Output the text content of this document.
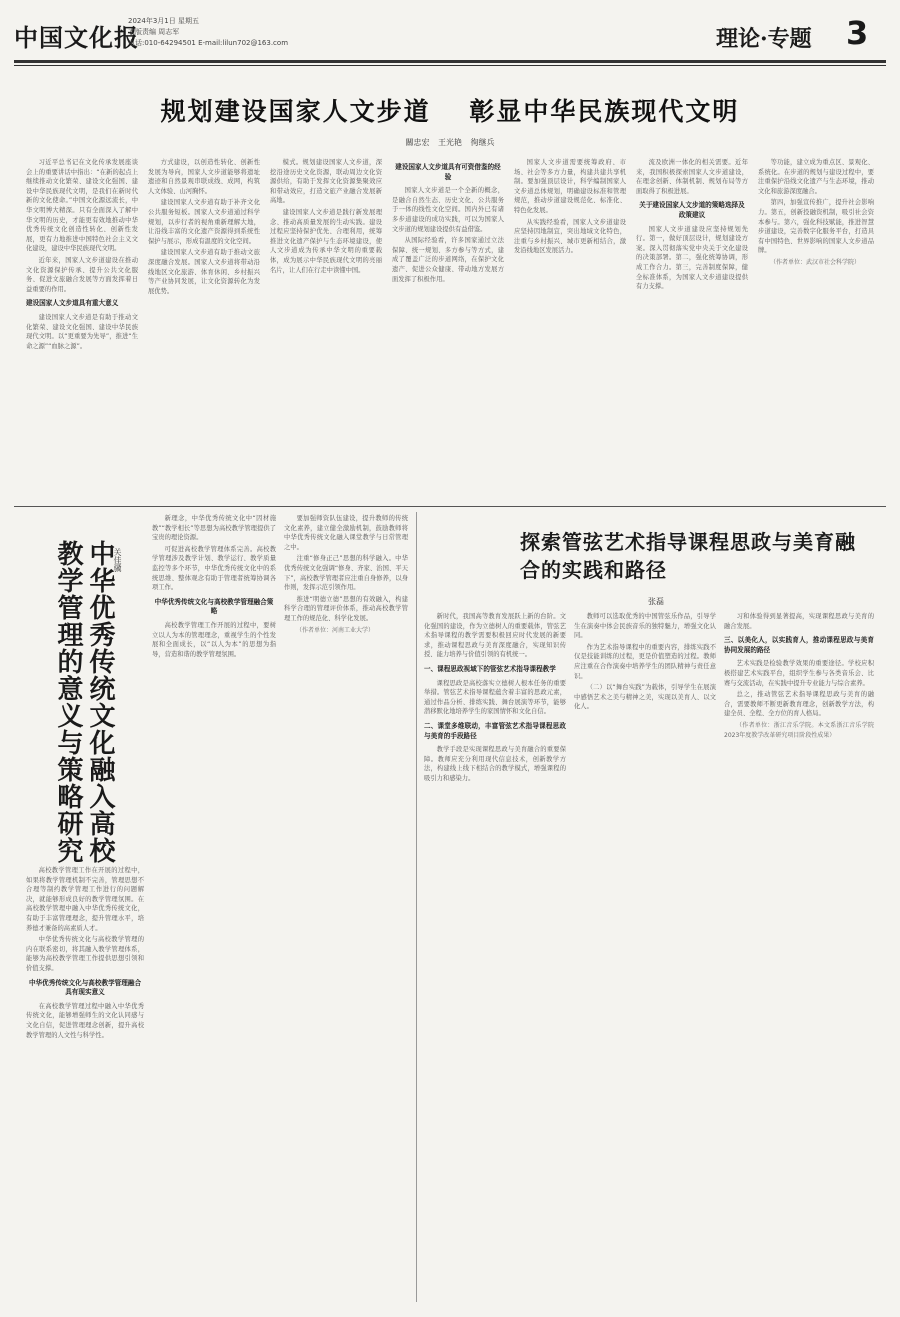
中国文化报
2024年3月1日 星期五
本版责编 周志军
电话:010-64294501 E-mail:lilun702@163.com	理论·专题 3
规划建设国家人文步道 彰显中华民族现代文明
關忠宏 王光艳 徇继兵

习近平总书记在文化传承发展座谈会上的重要讲话中指出：“在新的起点上继续推动文化繁荣、建设文化强国、建设中华民族现代文明，是我们在新时代新的文化使命。”中国文化源远流长，中华文明博大精深。只有全面深入了解中华文明的历史，才能更有效地推动中华优秀传统文化创造性转化、创新性发展，更有力地推进中国特色社会主义文化建设，建设中华民族现代文明。

近年来，国家人文步道建设在推动文化资源保护传承、提升公共文化服务、促进文旅融合发展等方面发挥着日益重要的作用。

建设国家人文步道具有重大意义

建设国家人文步道是有助于推动文化繁荣、建设文化强国、建设中华民族现代文明。以“更重要为先导”，推进“生命之源”“血脉之源”。

方式建设，以创造性转化、创新性发展为导向，国家人文步道能够将遗址遗迹和自然景观串联成线、成网，构筑人文体验、山河胸怀。

建设国家人文步道有助于补齐文化公共服务短板。国家人文步道通过科学规划，以步行者的视角重新理解大地，让沿线丰富的文化遗产资源得到系统性保护与展示，形成有温度的文化空间。

建设国家人文步道有助于推动文旅深度融合发展。国家人文步道将带动沿线地区文化旅游、体育休闲、乡村振兴等产业协同发展，让文化资源转化为发展优势。

模式。规划建设国家人文步道，深挖沿途历史文化资源，联动周边文化资源供给，有助于发挥文化资源集聚效应和带动效应，打造文旅产业融合发展新高地。

建设国家人文步道是践行新发展理念、推动高质量发展的生动实践。建设过程应坚持保护优先、合理利用，统筹推进文化遗产保护与生态环境建设，使人文步道成为传承中华文明的重要载体，成为展示中华民族现代文明的亮丽名片，让人们在行走中读懂中国。

建设国家人文步道具有可资借鉴的经验

国家人文步道是一个全新的概念，是融合自然生态、历史文化、公共服务于一体的线性文化空间。国内外已有诸多步道建设的成功实践，可以为国家人文步道的规划建设提供有益借鉴。

从国际经验看，许多国家通过立法保障、统一规划、多方参与等方式，建成了覆盖广泛的步道网络，在保护文化遗产、促进公众健康、带动地方发展方面发挥了积极作用。

国家人文步道需要统筹政府、市场、社会等多方力量，构建共建共享机制。要加强顶层设计，科学编制国家人文步道总体规划，明确建设标准和管理规范，推动步道建设规范化、标准化、特色化发展。

从实践经验看，国家人文步道建设应坚持因地制宜，突出地域文化特色，注重与乡村振兴、城市更新相结合，激发沿线地区发展活力。

流及欧洲一体化的相关需要。近年来，我国积极探索国家人文步道建设，在理念创新、体制机制、规划布局等方面取得了积极进展。

关于建设国家人文步道的策略选择及政策建议

国家人文步道建设应坚持规划先行。第一，做好顶层设计，规划建设方案。深入贯彻落实党中央关于文化建设的决策部署。第二，强化统筹协调，形成工作合力。第三，完善制度保障，健全标准体系，为国家人文步道建设提供有力支撑。

等功能，建立成为重点区、景观化、系统化。在步道的规划与建设过程中，要注重保护沿线文化遗产与生态环境，推动文化和旅游深度融合。

第四，加强宣传推广，提升社会影响力。第五，创新投融资机制，吸引社会资本参与。第六，强化科技赋能，推进智慧步道建设，完善数字化服务平台，打造具有中国特色、世界影响的国家人文步道品牌。

（作者单位：武汉市社会科学院）

中华优秀传统文化融入高校教学管理的意义与策略研究	关佳骥

高校教学管理工作在开展的过程中，如果将教学管理机制不完善，管理思想不合理等制约教学管理工作进行的问题解决，就能够形成良好的教学管理氛围。在高校教学管理中融入中华优秀传统文化，有助于丰富管理理念，提升管理水平，培养德才兼备的高素质人才。

中华优秀传统文化与高校教学管理的内在联系密切，将其融入教学管理体系，能够为高校教学管理工作提供思想引领和价值支撑。

中华优秀传统文化与高校教学管理融合具有现实意义

在高校教学管理过程中融入中华优秀传统文化，能够增强师生的文化认同感与文化自信，促进管理理念创新，提升高校教学管理的人文性与科学性。

新理念，中华优秀传统文化中“因材施教”“教学相长”等思想为高校教学管理提供了宝贵的理论资源。

可促进高校教学管理体系完善。高校教学管理涉及教学计划、教学运行、教学质量监控等多个环节，中华优秀传统文化中的系统思维、整体观念有助于管理者统筹协调各项工作。

中华优秀传统文化与高校教学管理融合策略

高校教学管理工作开展的过程中，要树立以人为本的管理理念，重视学生的个性发展和全面成长，以“以人为本”的思想为指导，营造和谐的教学管理氛围。

要加强师资队伍建设，提升教师的传统文化素养，建立健全激励机制，鼓励教师将中华优秀传统文化融入课堂教学与日常管理之中。

注重“修身正己”思想的科学融入。中华优秀传统文化强调“修身、齐家、治国、平天下”，高校教学管理者应注重自身修养，以身作则，发挥示范引领作用。

推进“明德立德”思想的有效融入，构建科学合理的管理评价体系，推动高校教学管理工作的规范化、科学化发展。

（作者单位：河南工业大学）

探索管弦艺术指导课程思政与美育融合的实践和路径
张磊

新时代，我国高等教育发展跃上新的台阶。文化强国的建设，作为立德树人的重要载体，管弦艺术指导课程的教学需要积极回应时代发展的新要求，推动课程思政与美育深度融合，实现知识传授、能力培养与价值引领的有机统一。

一、课程思政视域下的管弦艺术指导课程教学

课程思政是高校落实立德树人根本任务的重要举措。管弦艺术指导课程蕴含着丰富的思政元素，通过作品分析、排练实践、舞台展演等环节，能够潜移默化地培养学生的家国情怀和文化自信。

二、课堂多维联动，丰富管弦艺术指导课程思政与美育的手段路径

教学手段是实现课程思政与美育融合的重要保障。教师应充分利用现代信息技术，创新教学方法，构建线上线下相结合的教学模式，增强课程的吸引力和感染力。

教师可以选取优秀的中国管弦乐作品，引导学生在演奏中体会民族音乐的独特魅力，增强文化认同。

作为艺术指导课程中的重要内容，排练实践不仅是技能训练的过程，更是价值塑造的过程。教师应注重在合作演奏中培养学生的团队精神与责任意识。

（二）以“舞台实践”为载体，引导学生在展演中感悟艺术之美与精神之美，实现以美育人、以文化人。

习和体验得到显著提高，实现课程思政与美育的融合发展。

三、以美化人，以实践育人，推动课程思政与美育协同发展的路径

艺术实践是检验教学效果的重要途径。学校应积极搭建艺术实践平台，组织学生参与各类音乐会、比赛与交流活动，在实践中提升专业能力与综合素养。

总之，推动管弦艺术指导课程思政与美育的融合，需要教师不断更新教育理念，创新教学方法，构建全员、全程、全方位的育人格局。

（作者单位：浙江音乐学院。本文系浙江音乐学院2023年度教学改革研究项目阶段性成果）
